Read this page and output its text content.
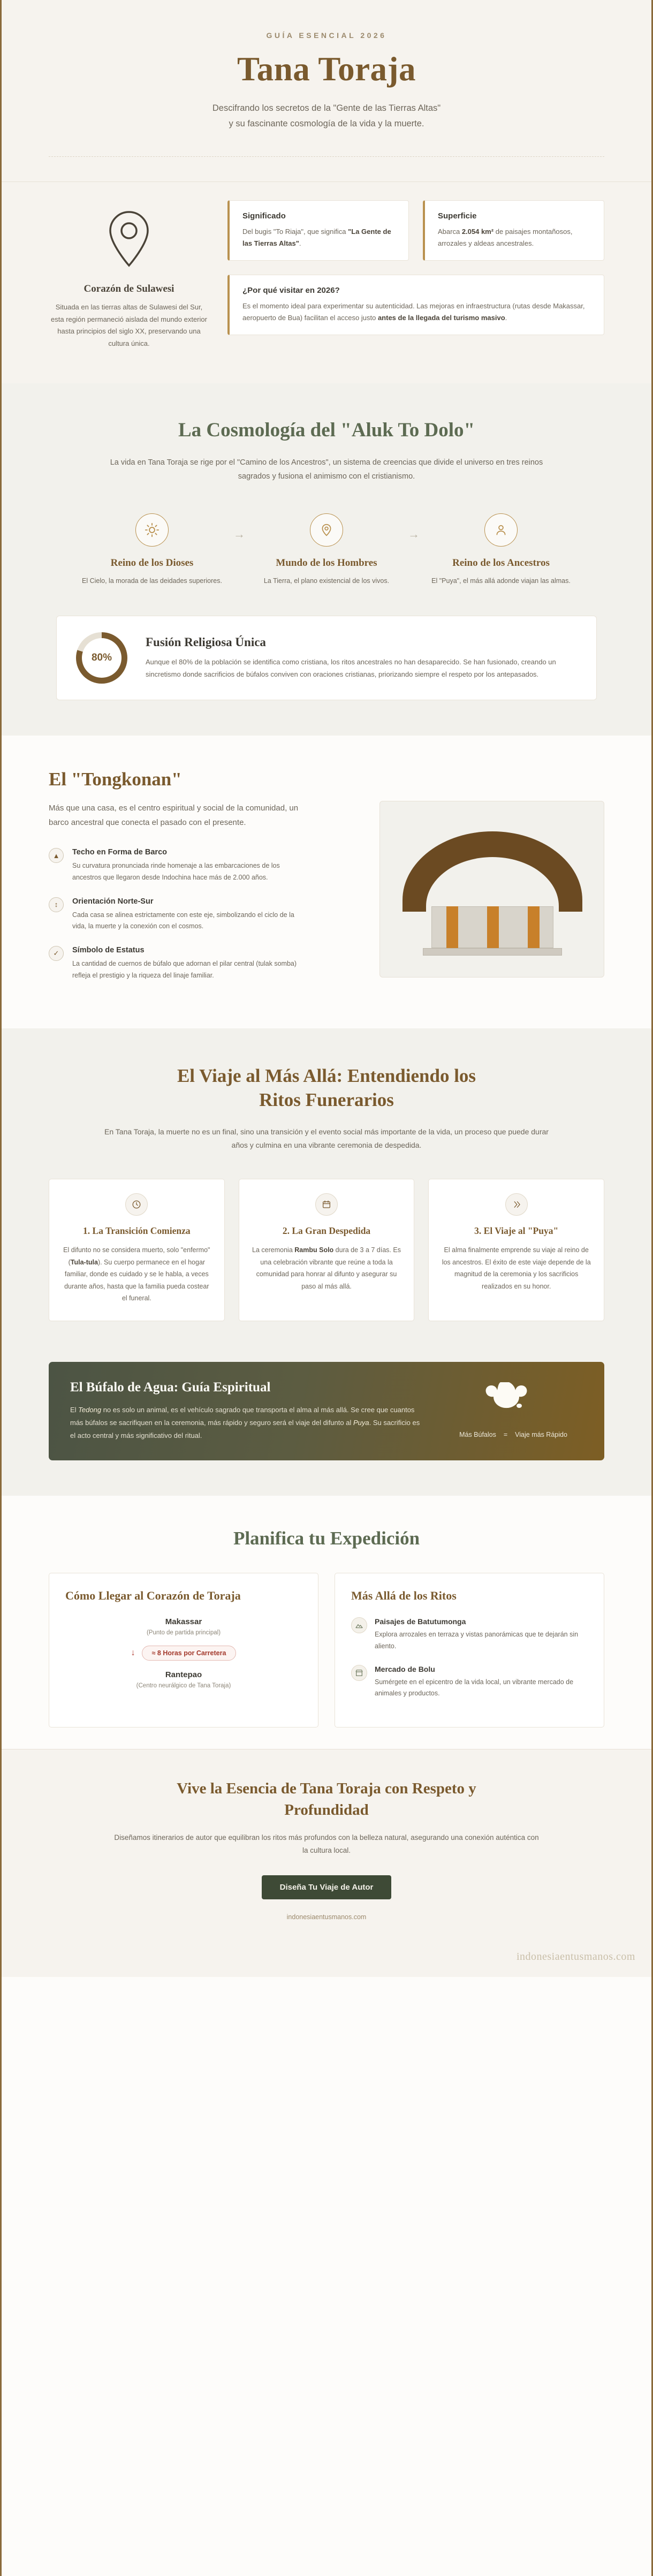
GUÍA ESENCIAL 2026
Tana Toraja
Descifrando los secretos de la "Gente de las Tierras Altas"
y su fascinante cosmología de la vida y la muerte.
Corazón de Sulawesi

Situada en las tierras altas de Sulawesi del Sur, esta región permaneció aislada del mundo exterior hasta principios del siglo XX, preservando una cultura única.

Significado

Del bugis "To Riaja", que significa "La Gente de las Tierras Altas".

Superficie

Abarca 2.054 km² de paisajes montañosos, arrozales y aldeas ancestrales.

¿Por qué visitar en 2026?

Es el momento ideal para experimentar su autenticidad. Las mejoras en infraestructura (rutas desde Makassar, aeropuerto de Bua) facilitan el acceso justo antes de la llegada del turismo masivo.

La Cosmología del "Aluk To Dolo"

La vida en Tana Toraja se rige por el "Camino de los Ancestros", un sistema de creencias que divide el universo en tres reinos sagrados y fusiona el animismo con el cristianismo.

Reino de los Dioses

El Cielo, la morada de las deidades superiores.

→
Mundo de los Hombres

La Tierra, el plano existencial de los vivos.

→
Reino de los Ancestros

El "Puya", el más allá adonde viajan las almas.

80%
Fusión Religiosa Única

Aunque el 80% de la población se identifica como cristiana, los ritos ancestrales no han desaparecido. Se han fusionado, creando un sincretismo donde sacrificios de búfalos conviven con oraciones cristianas, priorizando siempre el respeto por los antepasados.

El "Tongkonan"

Más que una casa, es el centro espiritual y social de la comunidad, un barco ancestral que conecta el pasado con el presente.

▲	Techo en Forma de Barco

Su curvatura pronunciada rinde homenaje a las embarcaciones de los ancestros que llegaron desde Indochina hace más de 2.000 años.

↕	Orientación Norte-Sur

Cada casa se alinea estrictamente con este eje, simbolizando el ciclo de la vida, la muerte y la conexión con el cosmos.

✓	Símbolo de Estatus

La cantidad de cuernos de búfalo que adornan el pilar central (tulak somba) refleja el prestigio y la riqueza del linaje familiar.

El Viaje al Más Allá: Entendiendo los
Ritos Funerarios

En Tana Toraja, la muerte no es un final, sino una transición y el evento social más importante de la vida, un proceso que puede durar años y culmina en una vibrante ceremonia de despedida.

1. La Transición Comienza

El difunto no se considera muerto, solo "enfermo" (Tula-tula). Su cuerpo permanece en el hogar familiar, donde es cuidado y se le habla, a veces durante años, hasta que la familia pueda costear el funeral.

2. La Gran Despedida

La ceremonia Rambu Solo dura de 3 a 7 días. Es una celebración vibrante que reúne a toda la comunidad para honrar al difunto y asegurar su paso al más allá.

3. El Viaje al "Puya"

El alma finalmente emprende su viaje al reino de los ancestros. El éxito de este viaje depende de la magnitud de la ceremonia y los sacrificios realizados en su honor.

El Búfalo de Agua: Guía Espiritual

El Tedong no es solo un animal, es el vehículo sagrado que transporta el alma al más allá. Se cree que cuantos más búfalos se sacrifiquen en la ceremonia, más rápido y seguro será el viaje del difunto al Puya. Su sacrificio es el acto central y más significativo del ritual.	Más Búfalos = Viaje más Rápido
Planifica tu Expedición
Cómo Llegar al Corazón de Toraja
Makassar
(Punto de partida principal)
↓	≈ 8 Horas por Carretera
Rantepao
(Centro neurálgico de Tana Toraja)
Más Allá de los Ritos
Paisajes de Batutumonga

Explora arrozales en terraza y vistas panorámicas que te dejarán sin aliento.

Mercado de Bolu

Sumérgete en el epicentro de la vida local, un vibrante mercado de animales y productos.

Vive la Esencia de Tana Toraja con Respeto y
Profundidad

Diseñamos itinerarios de autor que equilibran los ritos más profundos con la belleza natural, asegurando una conexión auténtica con la cultura local.

Diseña Tu Viaje de Autor
indonesiaentusmanos.com
indonesiaentusmanos.com
